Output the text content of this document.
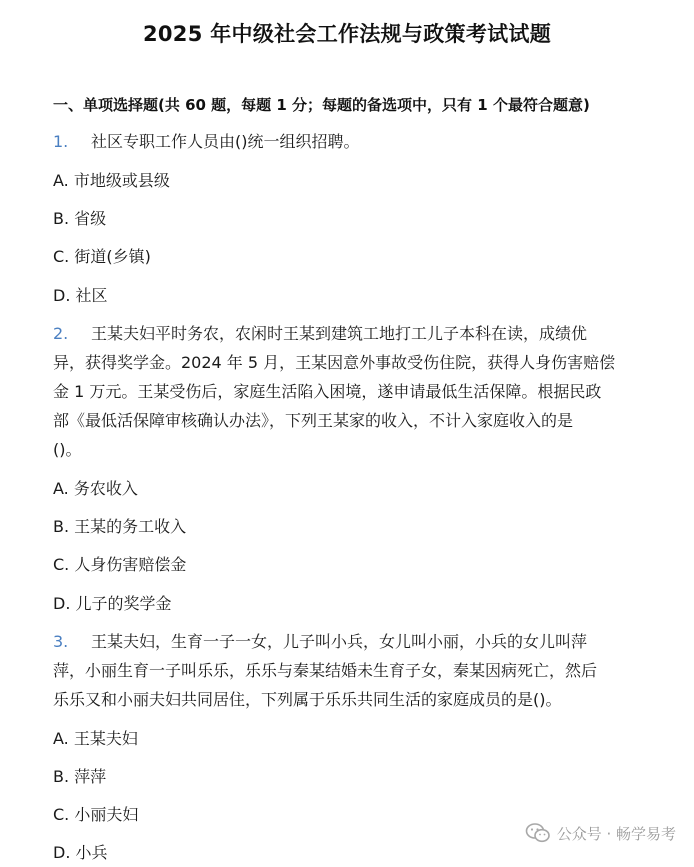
2025 年中级社会工作法规与政策考试试题
一、单项选择题(共 60 题，每题 1 分；每题的备选项中，只有 1 个最符合题意)
1. 社区专职工作人员由()统一组织招聘。
A. 市地级或县级
B. 省级
C. 街道(乡镇)
D. 社区
2. 王某夫妇平时务农，农闲时王某到建筑工地打工儿子本科在读，成绩优
异，获得奖学金。2024 年 5 月，王某因意外事故受伤住院，获得人身伤害赔偿
金 1 万元。王某受伤后，家庭生活陷入困境，遂申请最低生活保障。根据民政
部《最低活保障审核确认办法》，下列王某家的收入，不计入家庭收入的是
()。
A. 务农收入
B. 王某的务工收入
C. 人身伤害赔偿金
D. 儿子的奖学金
3. 王某夫妇，生育一子一女，儿子叫小兵，女儿叫小丽，小兵的女儿叫萍
萍，小丽生育一子叫乐乐，乐乐与秦某结婚未生育子女，秦某因病死亡，然后
乐乐又和小丽夫妇共同居住，下列属于乐乐共同生活的家庭成员的是()。
A. 王某夫妇
B. 萍萍
C. 小丽夫妇
D. 小兵
公众号 · 畅学易考
